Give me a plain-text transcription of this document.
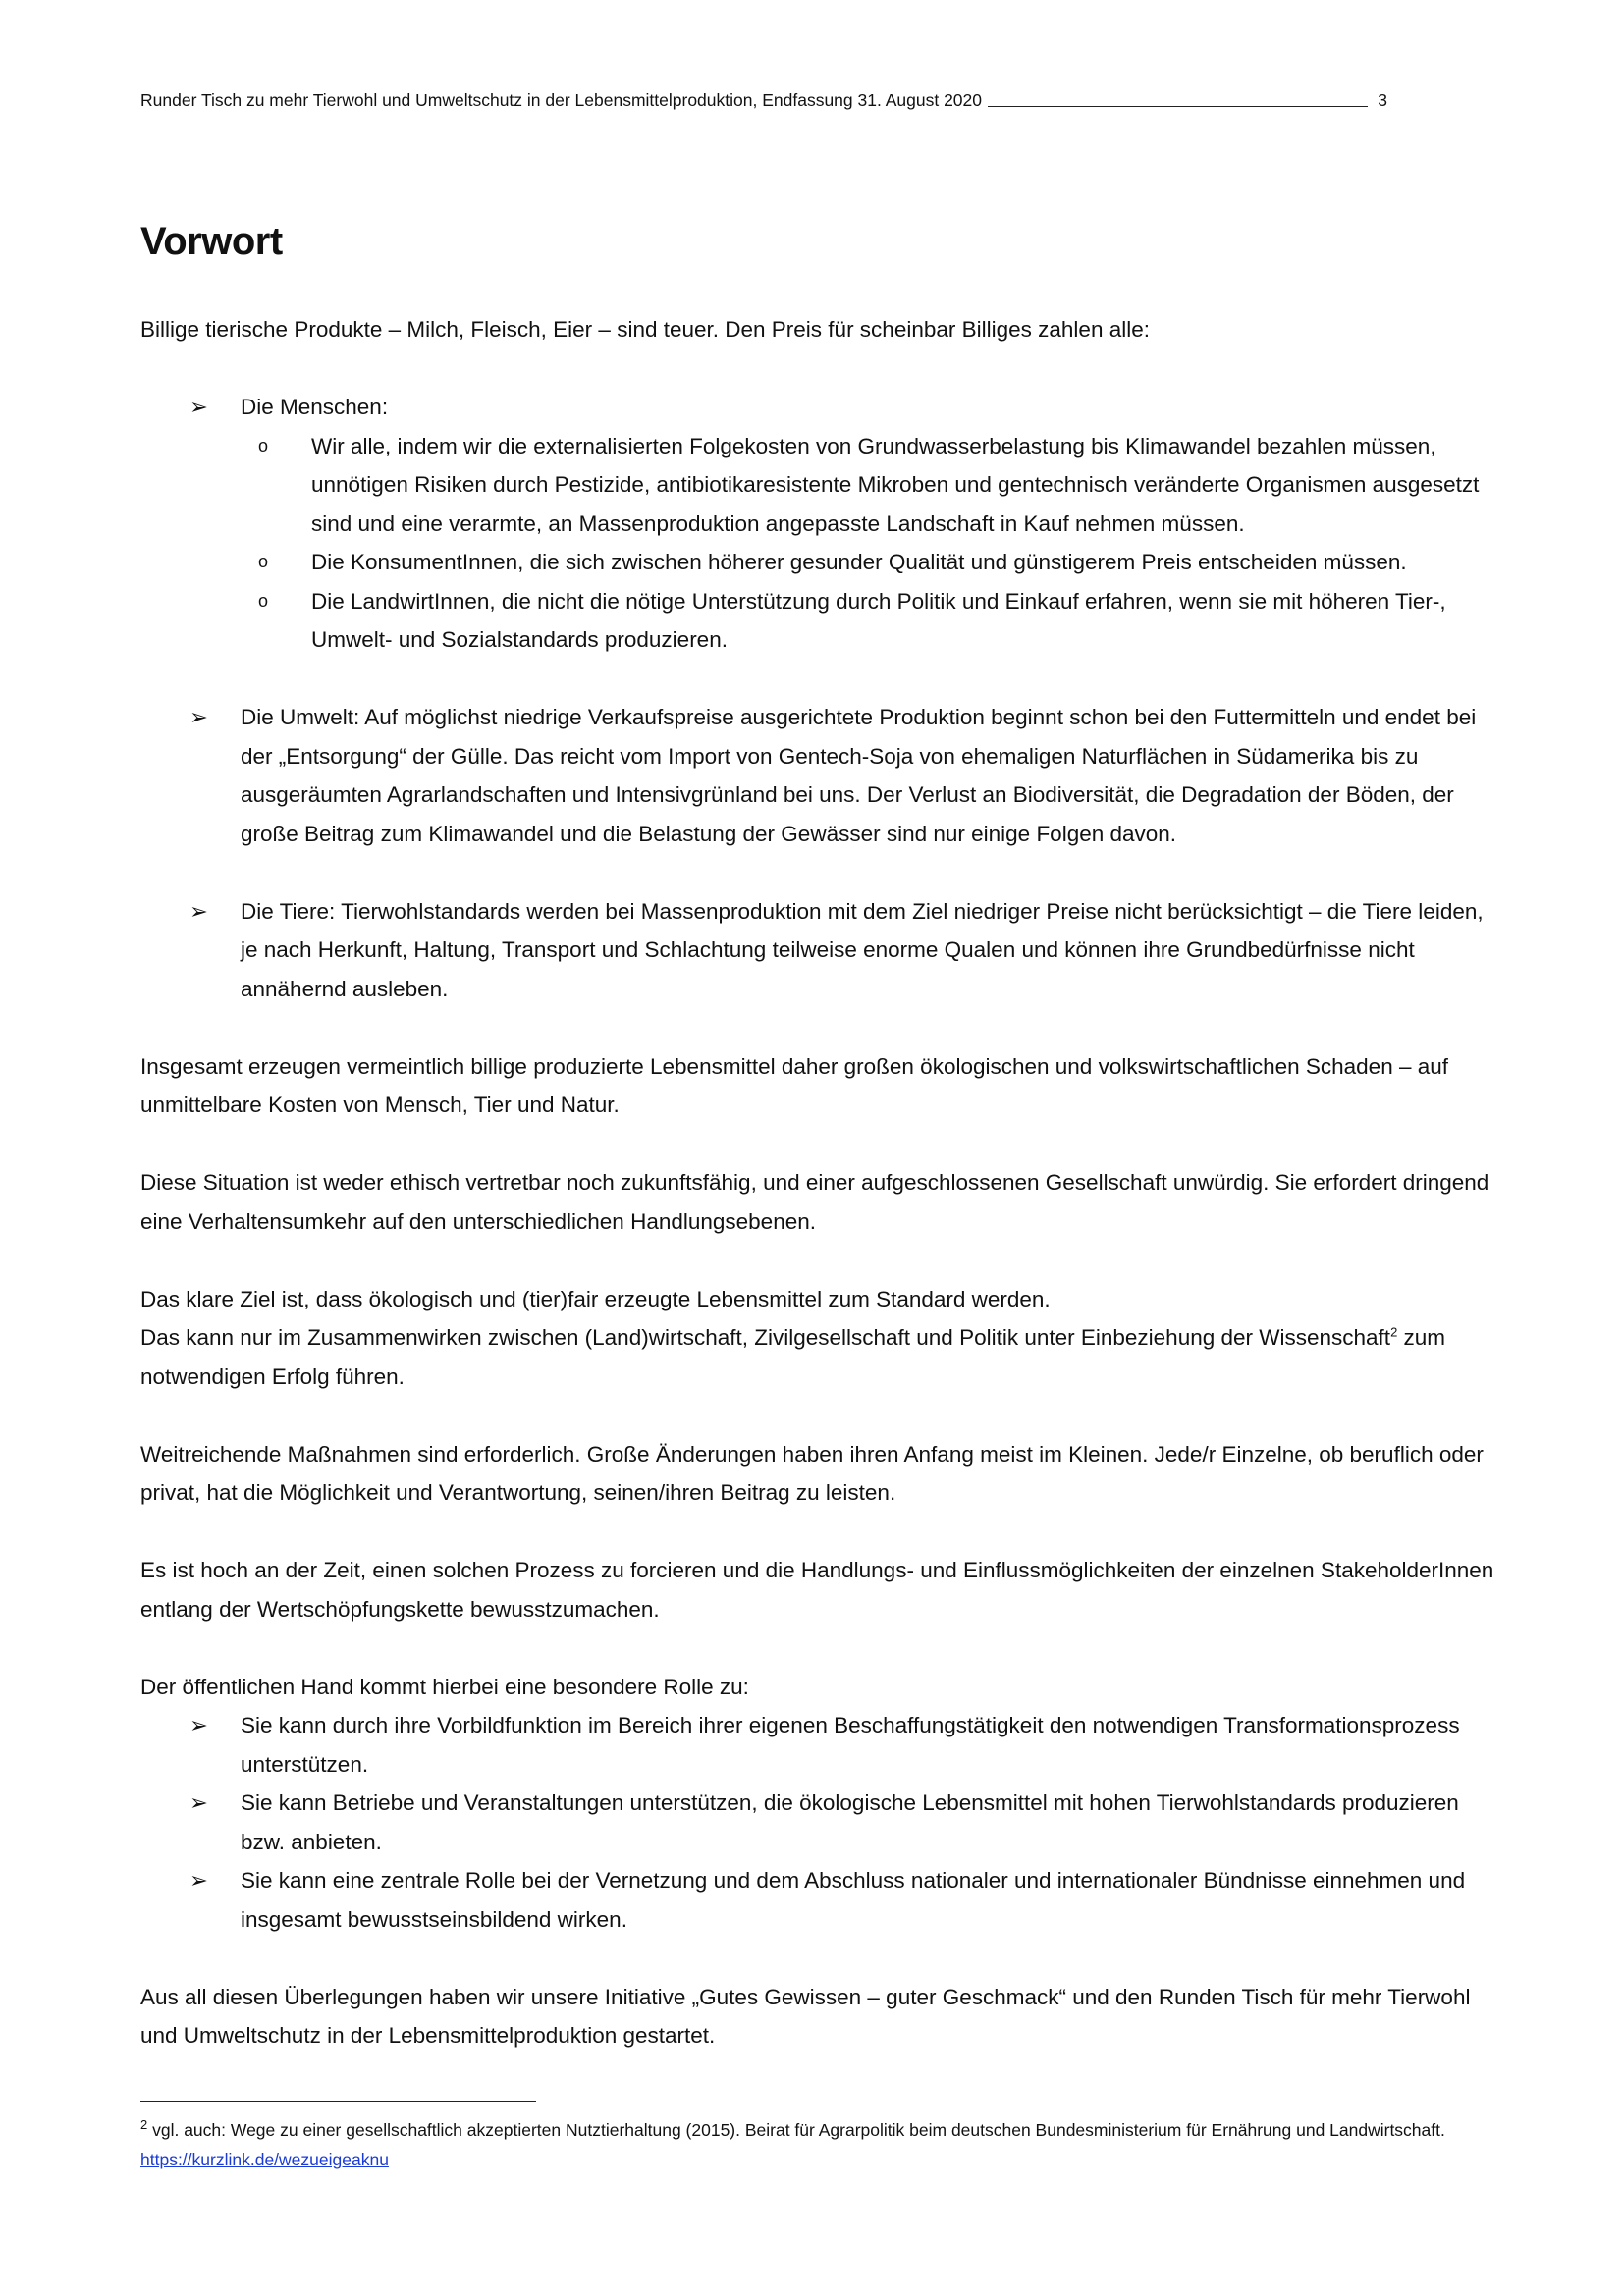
Runder Tisch zu mehr Tierwohl und Umweltschutz in der Lebensmittelproduktion, Endfassung 31. August 2020	3
Vorwort

Billige tierische Produkte – Milch, Fleisch, Eier – sind teuer. Den Preis für scheinbar Billiges zahlen alle:

➢	Die Menschen:
o Wir alle, indem wir die externalisierten Folgekosten von Grundwasserbelastung bis Klimawandel bezahlen müssen, unnötigen Risiken durch Pestizide, antibiotikaresistente Mikroben und gentechnisch veränderte Organismen ausgesetzt sind und eine verarmte, an Massenproduktion angepasste Landschaft in Kauf nehmen müssen.
o Die KonsumentInnen, die sich zwischen höherer gesunder Qualität und günstigerem Preis entscheiden müssen.
o Die LandwirtInnen, die nicht die nötige Unterstützung durch Politik und Einkauf erfahren, wenn sie mit höheren Tier-, Umwelt- und Sozialstandards produzieren.
➢	Die Umwelt: Auf möglichst niedrige Verkaufspreise ausgerichtete Produktion beginnt schon bei den Futtermitteln und endet bei der „Entsorgung“ der Gülle. Das reicht vom Import von Gentech-Soja von ehemaligen Naturflächen in Südamerika bis zu ausgeräumten Agrarlandschaften und Intensivgrünland bei uns. Der Verlust an Biodiversität, die Degradation der Böden, der große Beitrag zum Klimawandel und die Belastung der Gewässer sind nur einige Folgen davon.
➢	Die Tiere: Tierwohlstandards werden bei Massenproduktion mit dem Ziel niedriger Preise nicht berücksichtigt – die Tiere leiden, je nach Herkunft, Haltung, Transport und Schlachtung teilweise enorme Qualen und können ihre Grundbedürfnisse nicht annähernd ausleben.

Insgesamt erzeugen vermeintlich billige produzierte Lebensmittel daher großen ökologischen und volkswirtschaftlichen Schaden – auf unmittelbare Kosten von Mensch, Tier und Natur.

Diese Situation ist weder ethisch vertretbar noch zukunftsfähig, und einer aufgeschlossenen Gesellschaft unwürdig. Sie erfordert dringend eine Verhaltensumkehr auf den unterschiedlichen Handlungsebenen.

Das klare Ziel ist, dass ökologisch und (tier)fair erzeugte Lebensmittel zum Standard werden.

Das kann nur im Zusammenwirken zwischen (Land)wirtschaft, Zivilgesellschaft und Politik unter Einbeziehung der Wissenschaft$^2$ zum notwendigen Erfolg führen.

Weitreichende Maßnahmen sind erforderlich. Große Änderungen haben ihren Anfang meist im Kleinen. Jede/r Einzelne, ob beruflich oder privat, hat die Möglichkeit und Verantwortung, seinen/ihren Beitrag zu leisten.

Es ist hoch an der Zeit, einen solchen Prozess zu forcieren und die Handlungs- und Einflussmöglichkeiten der einzelnen StakeholderInnen entlang der Wertschöpfungskette bewusstzumachen.

Der öffentlichen Hand kommt hierbei eine besondere Rolle zu:

➢	Sie kann durch ihre Vorbildfunktion im Bereich ihrer eigenen Beschaffungstätigkeit den notwendigen Transformationsprozess unterstützen.
➢	Sie kann Betriebe und Veranstaltungen unterstützen, die ökologische Lebensmittel mit hohen Tierwohlstandards produzieren bzw. anbieten.
➢	Sie kann eine zentrale Rolle bei der Vernetzung und dem Abschluss nationaler und internationaler Bündnisse einnehmen und insgesamt bewusstseinsbildend wirken.

Aus all diesen Überlegungen haben wir unsere Initiative „Gutes Gewissen – guter Geschmack“ und den Runden Tisch für mehr Tierwohl und Umweltschutz in der Lebensmittelproduktion gestartet.

$^2$ vgl. auch: Wege zu einer gesellschaftlich akzeptierten Nutztierhaltung (2015). Beirat für Agrarpolitik beim deutschen Bundesministerium für Ernährung und Landwirtschaft. https://kurzlink.de/wezueigeaknu
